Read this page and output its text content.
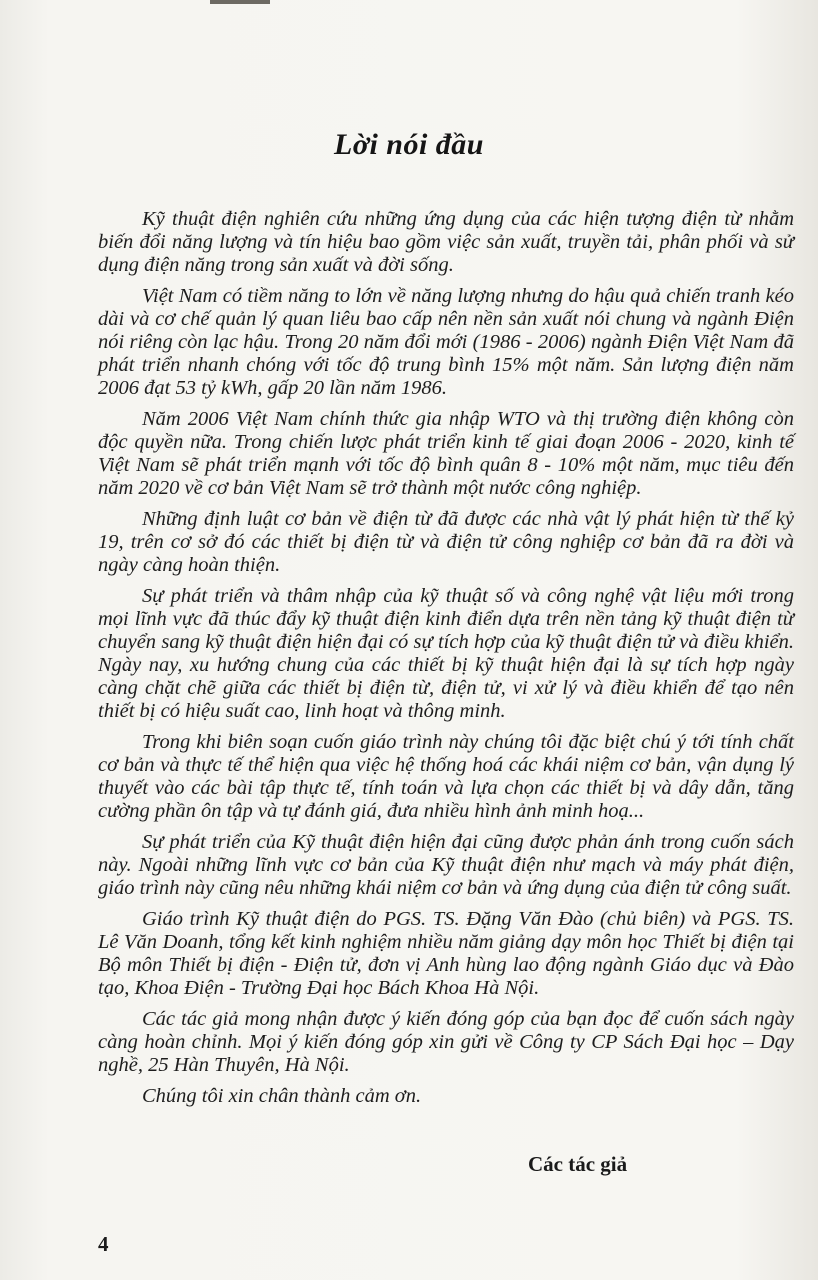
Lời nói đầu

Kỹ thuật điện nghiên cứu những ứng dụng của các hiện tượng điện từ nhằm biến đổi năng lượng và tín hiệu bao gồm việc sản xuất, truyền tải, phân phối và sử dụng điện năng trong sản xuất và đời sống.

Việt Nam có tiềm năng to lớn về năng lượng nhưng do hậu quả chiến tranh kéo dài và cơ chế quản lý quan liêu bao cấp nên nền sản xuất nói chung và ngành Điện nói riêng còn lạc hậu. Trong 20 năm đổi mới (1986 - 2006) ngành Điện Việt Nam đã phát triển nhanh chóng với tốc độ trung bình 15% một năm. Sản lượng điện năm 2006 đạt 53 tỷ kWh, gấp 20 lần năm 1986.

Năm 2006 Việt Nam chính thức gia nhập WTO và thị trường điện không còn độc quyền nữa. Trong chiến lược phát triển kinh tế giai đoạn 2006 - 2020, kinh tế Việt Nam sẽ phát triển mạnh với tốc độ bình quân 8 - 10% một năm, mục tiêu đến năm 2020 về cơ bản Việt Nam sẽ trở thành một nước công nghiệp.

Những định luật cơ bản về điện từ đã được các nhà vật lý phát hiện từ thế kỷ 19, trên cơ sở đó các thiết bị điện từ và điện tử công nghiệp cơ bản đã ra đời và ngày càng hoàn thiện.

Sự phát triển và thâm nhập của kỹ thuật số và công nghệ vật liệu mới trong mọi lĩnh vực đã thúc đẩy kỹ thuật điện kinh điển dựa trên nền tảng kỹ thuật điện từ chuyển sang kỹ thuật điện hiện đại có sự tích hợp của kỹ thuật điện tử và điều khiển. Ngày nay, xu hướng chung của các thiết bị kỹ thuật hiện đại là sự tích hợp ngày càng chặt chẽ giữa các thiết bị điện từ, điện tử, vi xử lý và điều khiển để tạo nên thiết bị có hiệu suất cao, linh hoạt và thông minh.

Trong khi biên soạn cuốn giáo trình này chúng tôi đặc biệt chú ý tới tính chất cơ bản và thực tế thể hiện qua việc hệ thống hoá các khái niệm cơ bản, vận dụng lý thuyết vào các bài tập thực tế, tính toán và lựa chọn các thiết bị và dây dẫn, tăng cường phần ôn tập và tự đánh giá, đưa nhiều hình ảnh minh hoạ...

Sự phát triển của Kỹ thuật điện hiện đại cũng được phản ánh trong cuốn sách này. Ngoài những lĩnh vực cơ bản của Kỹ thuật điện như mạch và máy phát điện, giáo trình này cũng nêu những khái niệm cơ bản và ứng dụng của điện tử công suất.

Giáo trình Kỹ thuật điện do PGS. TS. Đặng Văn Đào (chủ biên) và PGS. TS. Lê Văn Doanh, tổng kết kinh nghiệm nhiều năm giảng dạy môn học Thiết bị điện tại Bộ môn Thiết bị điện - Điện tử, đơn vị Anh hùng lao động ngành Giáo dục và Đào tạo, Khoa Điện - Trường Đại học Bách Khoa Hà Nội.

Các tác giả mong nhận được ý kiến đóng góp của bạn đọc để cuốn sách ngày càng hoàn chỉnh. Mọi ý kiến đóng góp xin gửi về Công ty CP Sách Đại học – Dạy nghề, 25 Hàn Thuyên, Hà Nội.

Chúng tôi xin chân thành cảm ơn.

Các tác giả
4
